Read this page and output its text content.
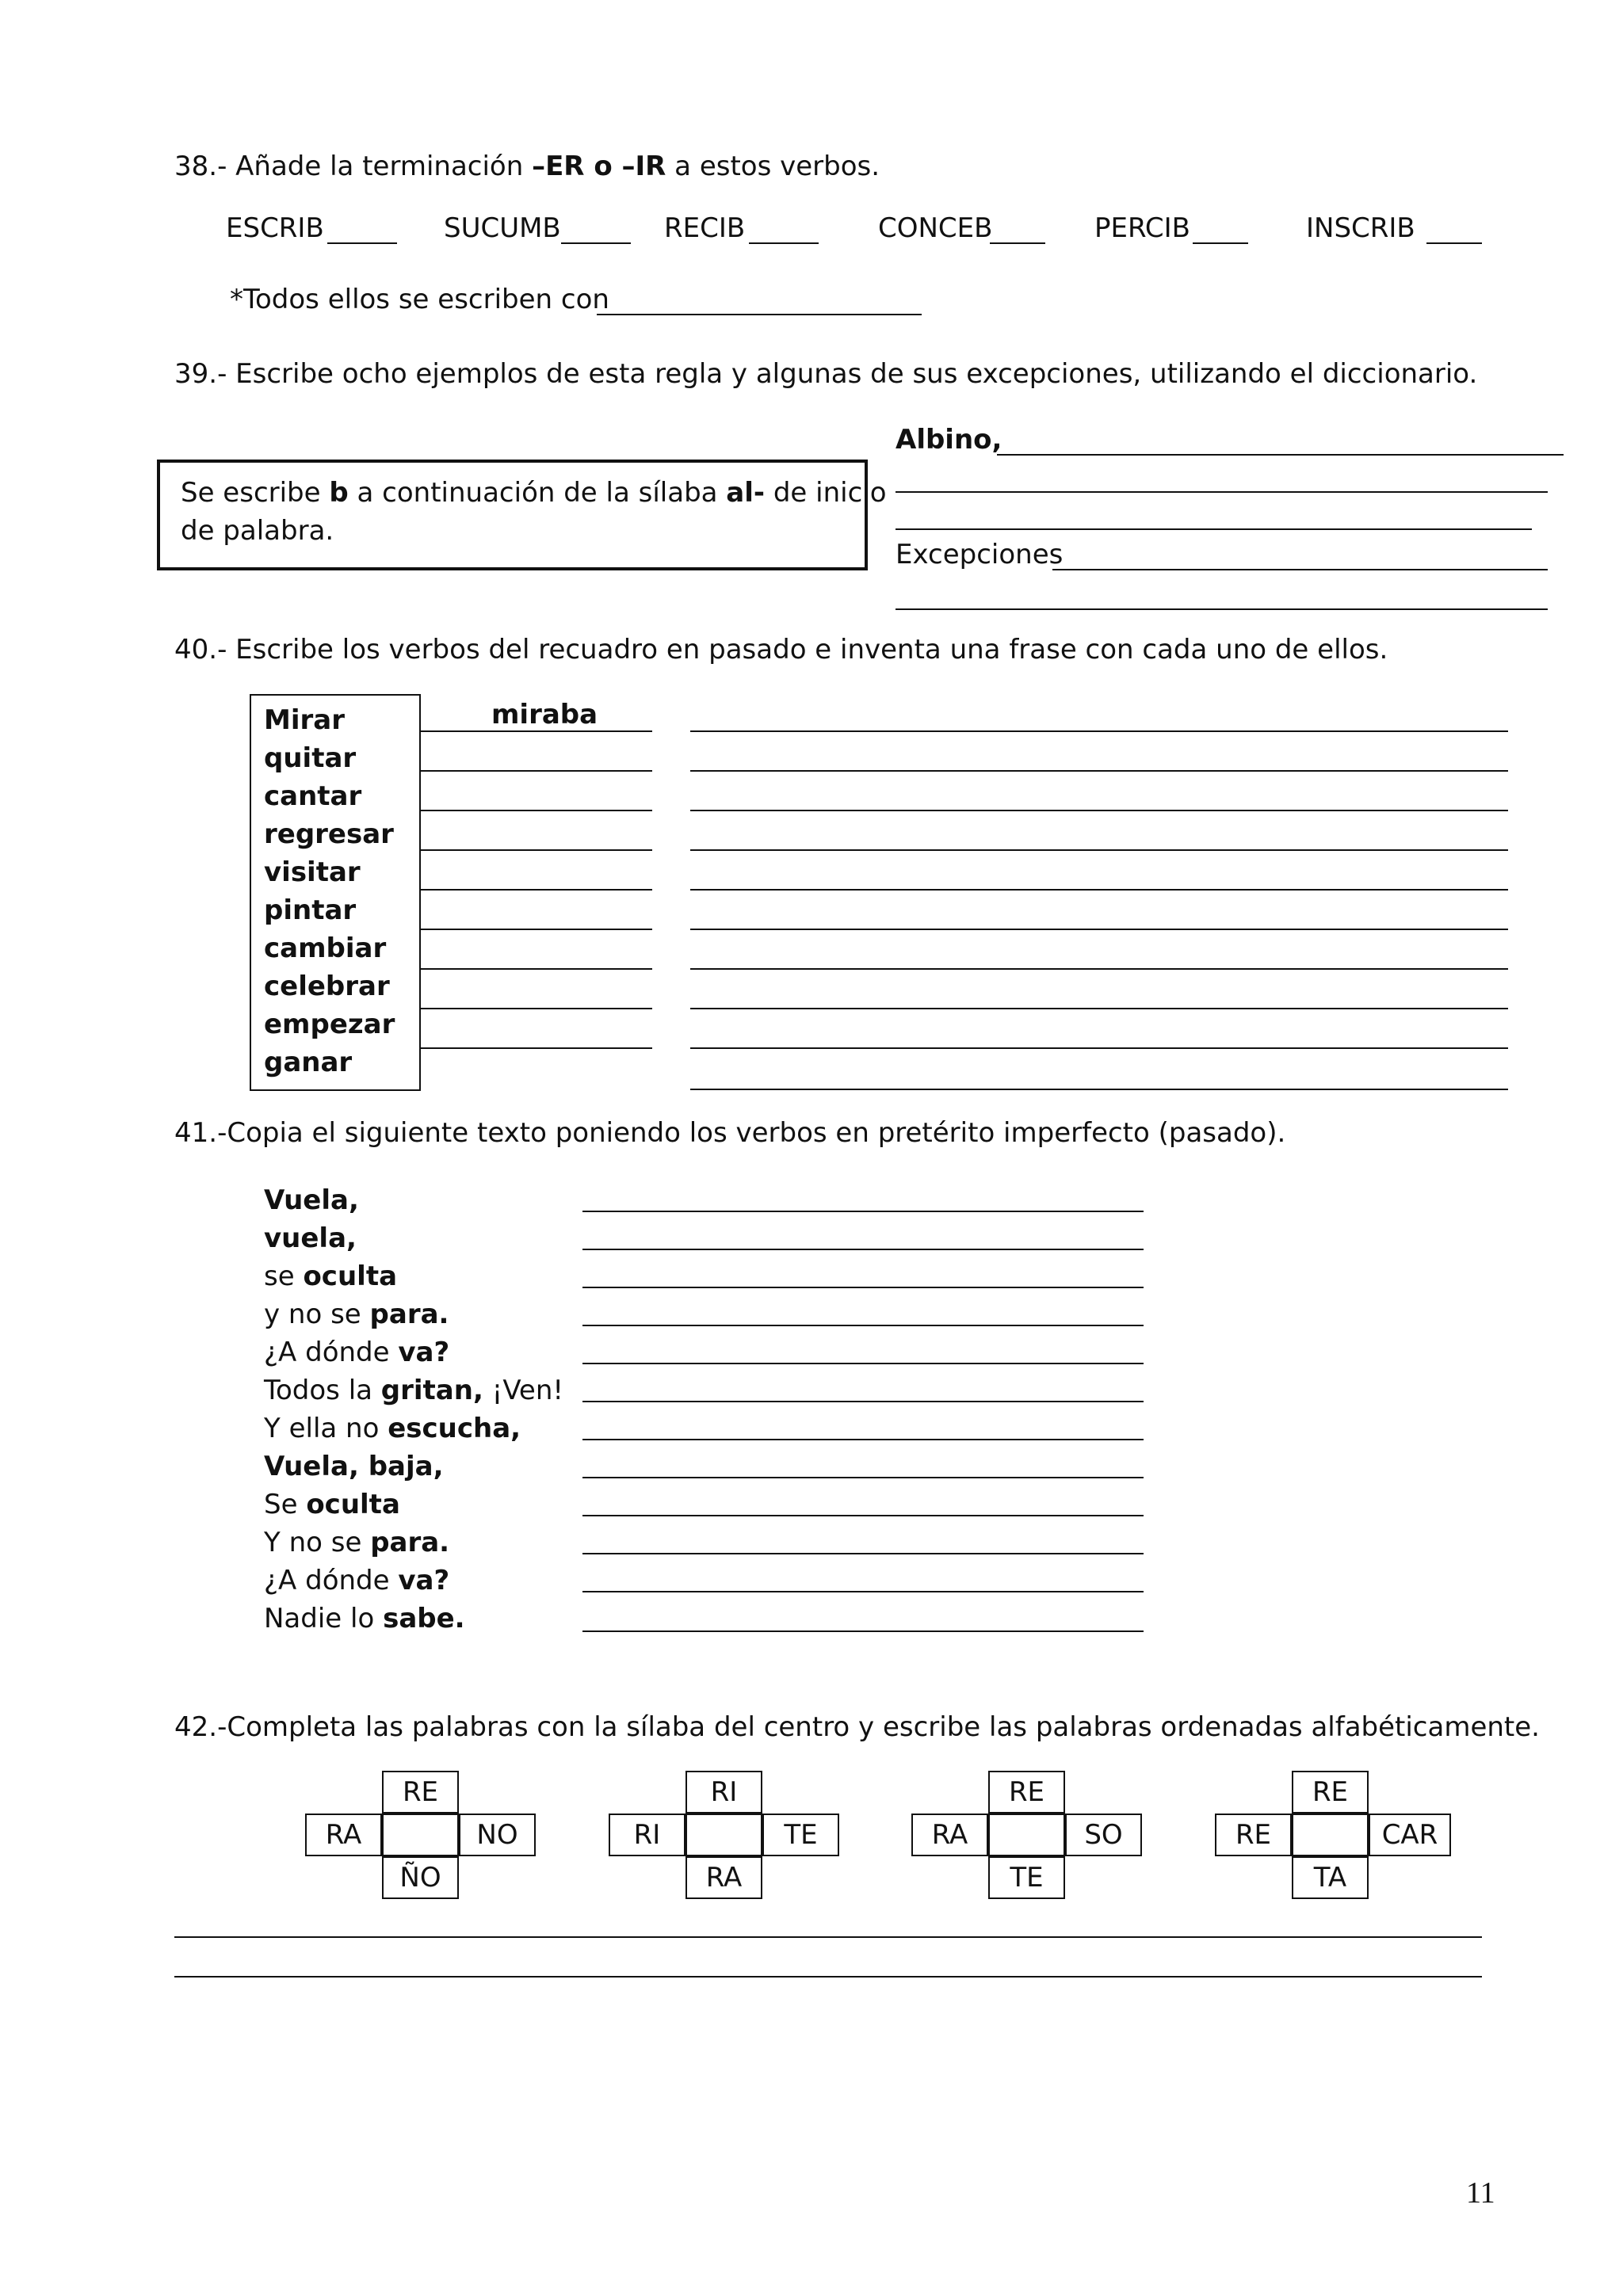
38.- Añade la terminación –ER o –IR a estos verbos.
ESCRIB	SUCUMB	RECIB	CONCEB	PERCIB	INSCRIB
*Todos ellos se escriben con
39.- Escribe ocho ejemplos de esta regla y algunas de sus excepciones, utilizando el diccionario.
Se escribe b a continuación de la sílaba al- de inicio
de palabra.
Albino,
Excepciones
40.- Escribe los verbos del recuadro en pasado e inventa una frase con cada uno de ellos.
Mirar
quitar
cantar
regresar
visitar
pintar
cambiar
celebrar
empezar
ganar
miraba
41.-Copia el siguiente texto poniendo los verbos en pretérito imperfecto (pasado).
Vuela,
vuela,
se oculta
y no se para.
¿A dónde va?
Todos la gritan, ¡Ven!
Y ella no escucha,
Vuela, baja,
Se oculta
Y no se para.
¿A dónde va?
Nadie lo sabe.
42.-Completa las palabras con la sílaba del centro y escribe las palabras ordenadas alfabéticamente.
RE
RA	NO
ÑO
RI
RI	TE
RA
RE
RA	SO
TE
RE
RE	CAR
TA
11
